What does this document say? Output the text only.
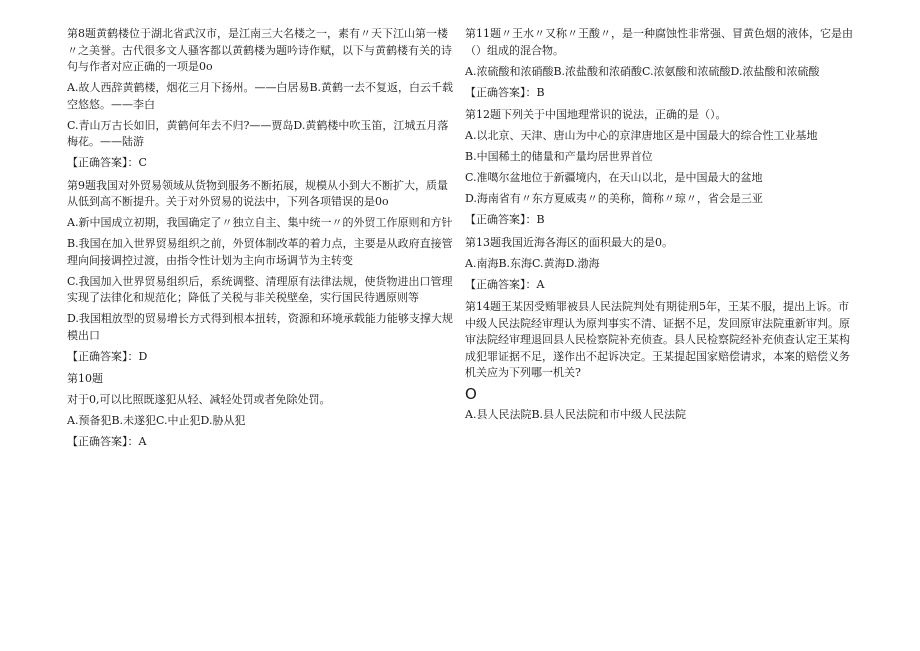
第8题黄鹤楼位于湖北省武汉市，是江南三大名楼之一，素有〃天下江山第一楼〃之美誉。古代很多文人骚客都以黄鹤楼为题吟诗作赋，以下与黄鹤楼有关的诗句与作者对应正确的一项是0o

A.故人西辞黄鹤楼，烟花三月下扬州。——白居易B.黄鹤一去不复返，白云千载空悠悠。——李白

C.青山万古长如旧，黄鹤何年去不归?——贾岛D.黄鹤楼中吹玉笛，江城五月落梅花。——陆游

【正确答案】：C

第9题我国对外贸易领域从货物到服务不断拓展，规模从小到大不断扩大，质量从低到高不断提升。关于对外贸易的说法中，下列各项错误的是0o

A.新中国成立初期，我国确定了〃独立自主、集中统一〃的外贸工作原则和方针

B.我国在加入世界贸易组织之前，外贸体制改革的着力点，主要是从政府直接管理向间接调控过渡，由指令性计划为主向市场调节为主转变

C.我国加入世界贸易组织后，系统调整、清理原有法律法规，使货物进出口管理实现了法律化和规范化；降低了关税与非关税壁垒，实行国民待遇原则等

D.我国粗放型的贸易增长方式得到根本扭转，资源和环境承载能力能够支撑大规模出口

【正确答案】：D

第10题

对于0,可以比照既遂犯从轻、减轻处罚或者免除处罚。

A.预备犯B.未遂犯C.中止犯D.胁从犯

【正确答案】：A

第11题〃王水〃又称〃王酸〃，是一种腐蚀性非常强、冒黄色烟的液体，它是由（）组成的混合物。

A.浓硫酸和浓硝酸B.浓盐酸和浓硝酸C.浓氨酸和浓硫酸D.浓盐酸和浓硫酸

【正确答案】：B

第12题下列关于中国地理常识的说法，正确的是（）。

A.以北京、天津、唐山为中心的京津唐地区是中国最大的综合性工业基地

B.中国稀土的储量和产量均居世界首位

C.准噶尔盆地位于新疆境内，在天山以北，是中国最大的盆地

D.海南省有〃东方夏威夷〃的美称，简称〃琼〃，省会是三亚

【正确答案】：B

第13题我国近海各海区的面积最大的是0。

A.南海B.东海C.黄海D.渤海

【正确答案】：A

第14题王某因受贿罪被县人民法院判处有期徒刑5年，王某不服，提出上诉。市中级人民法院经审理认为原判事实不清、证据不足，发回原审法院重新审判。原审法院经审理退回县人民检察院补充侦查。县人民检察院经补充侦查认定王某构成犯罪证据不足，遂作出不起诉决定。王某提起国家赔偿请求，本案的赔偿义务机关应为下列哪一机关?

O

A.县人民法院B.县人民法院和市中级人民法院
